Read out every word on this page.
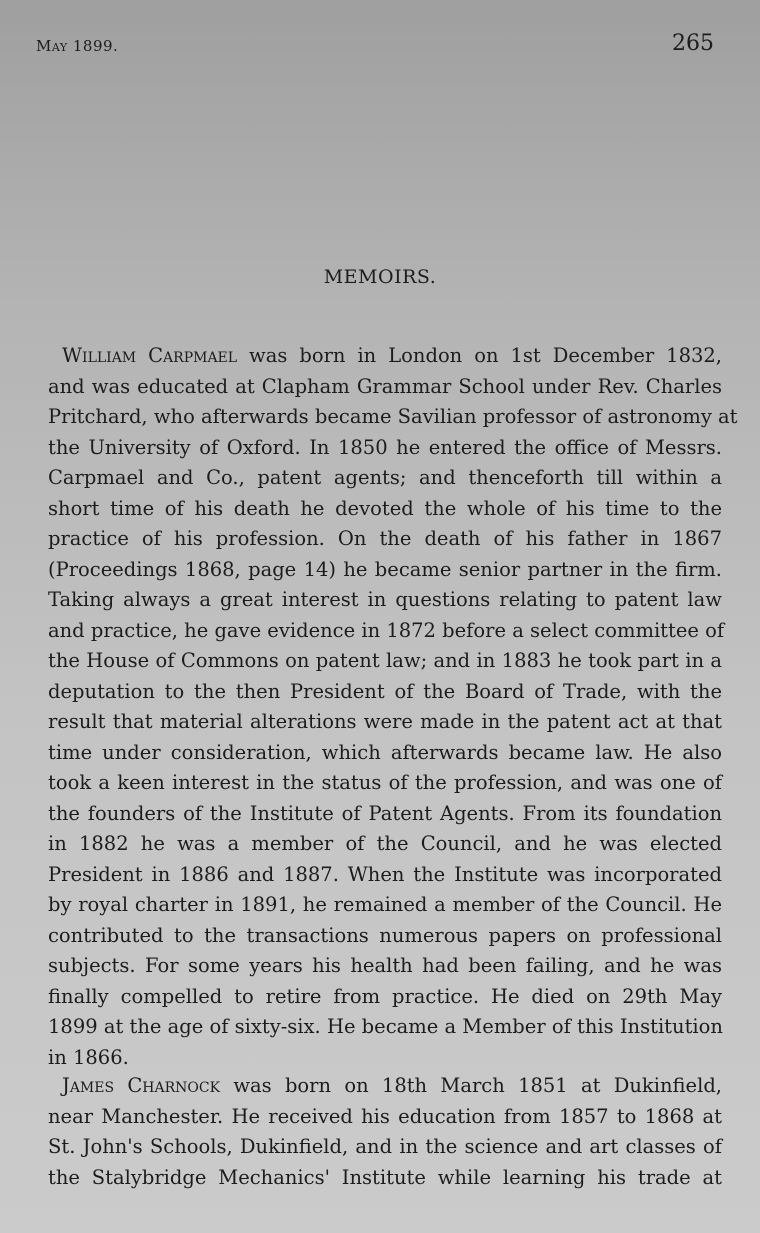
May 1899.	265
MEMOIRS.
William Carpmael was born in London on 1st December 1832,
and was educated at Clapham Grammar School under Rev. Charles
Pritchard, who afterwards became Savilian professor of astronomy at
the University of Oxford. In 1850 he entered the office of Messrs.
Carpmael and Co., patent agents; and thenceforth till within a
short time of his death he devoted the whole of his time to the
practice of his profession. On the death of his father in 1867
(Proceedings 1868, page 14) he became senior partner in the firm.
Taking always a great interest in questions relating to patent law
and practice, he gave evidence in 1872 before a select committee of
the House of Commons on patent law; and in 1883 he took part in a
deputation to the then President of the Board of Trade, with the
result that material alterations were made in the patent act at that
time under consideration, which afterwards became law. He also
took a keen interest in the status of the profession, and was one of
the founders of the Institute of Patent Agents. From its foundation
in 1882 he was a member of the Council, and he was elected
President in 1886 and 1887. When the Institute was incorporated
by royal charter in 1891, he remained a member of the Council. He
contributed to the transactions numerous papers on professional
subjects. For some years his health had been failing, and he was
finally compelled to retire from practice. He died on 29th May
1899 at the age of sixty-six. He became a Member of this Institution
in 1866.
James Charnock was born on 18th March 1851 at Dukinfield,
near Manchester. He received his education from 1857 to 1868 at
St. John's Schools, Dukinfield, and in the science and art classes of
the Stalybridge Mechanics' Institute while learning his trade at
